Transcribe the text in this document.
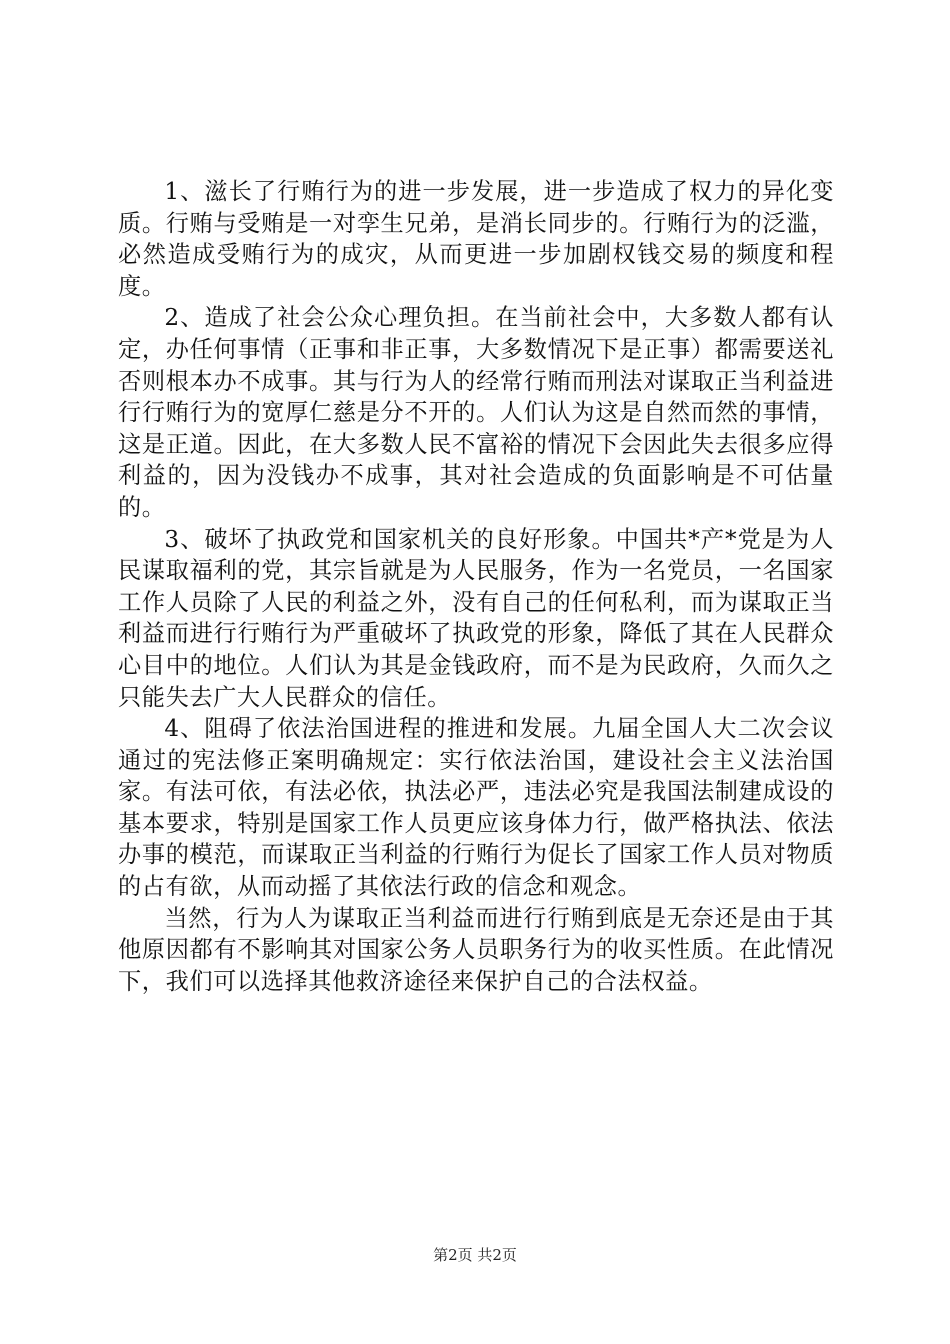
1、滋长了行贿行为的进一步发展，进一步造成了权力的异化变质。行贿与受贿是一对孪生兄弟，是消长同步的。行贿行为的泛滥，必然造成受贿行为的成灾，从而更进一步加剧权钱交易的频度和程度。

2、造成了社会公众心理负担。在当前社会中，大多数人都有认定，办任何事情（正事和非正事，大多数情况下是正事）都需要送礼否则根本办不成事。其与行为人的经常行贿而刑法对谋取正当利益进行行贿行为的宽厚仁慈是分不开的。人们认为这是自然而然的事情，这是正道。因此，在大多数人民不富裕的情况下会因此失去很多应得利益的，因为没钱办不成事，其对社会造成的负面影响是不可估量的。

3、破坏了执政党和国家机关的良好形象。中国共*产*党是为人民谋取福利的党，其宗旨就是为人民服务，作为一名党员，一名国家工作人员除了人民的利益之外，没有自己的任何私利，而为谋取正当利益而进行行贿行为严重破坏了执政党的形象，降低了其在人民群众心目中的地位。人们认为其是金钱政府，而不是为民政府，久而久之只能失去广大人民群众的信任。

4、阻碍了依法治国进程的推进和发展。九届全国人大二次会议通过的宪法修正案明确规定：实行依法治国，建设社会主义法治国家。有法可依，有法必依，执法必严，违法必究是我国法制建成设的基本要求，特别是国家工作人员更应该身体力行，做严格执法、依法办事的模范，而谋取正当利益的行贿行为促长了国家工作人员对物质的占有欲，从而动摇了其依法行政的信念和观念。

当然，行为人为谋取正当利益而进行行贿到底是无奈还是由于其他原因都有不影响其对国家公务人员职务行为的收买性质。在此情况下，我们可以选择其他救济途径来保护自己的合法权益。

第2页 共2页
